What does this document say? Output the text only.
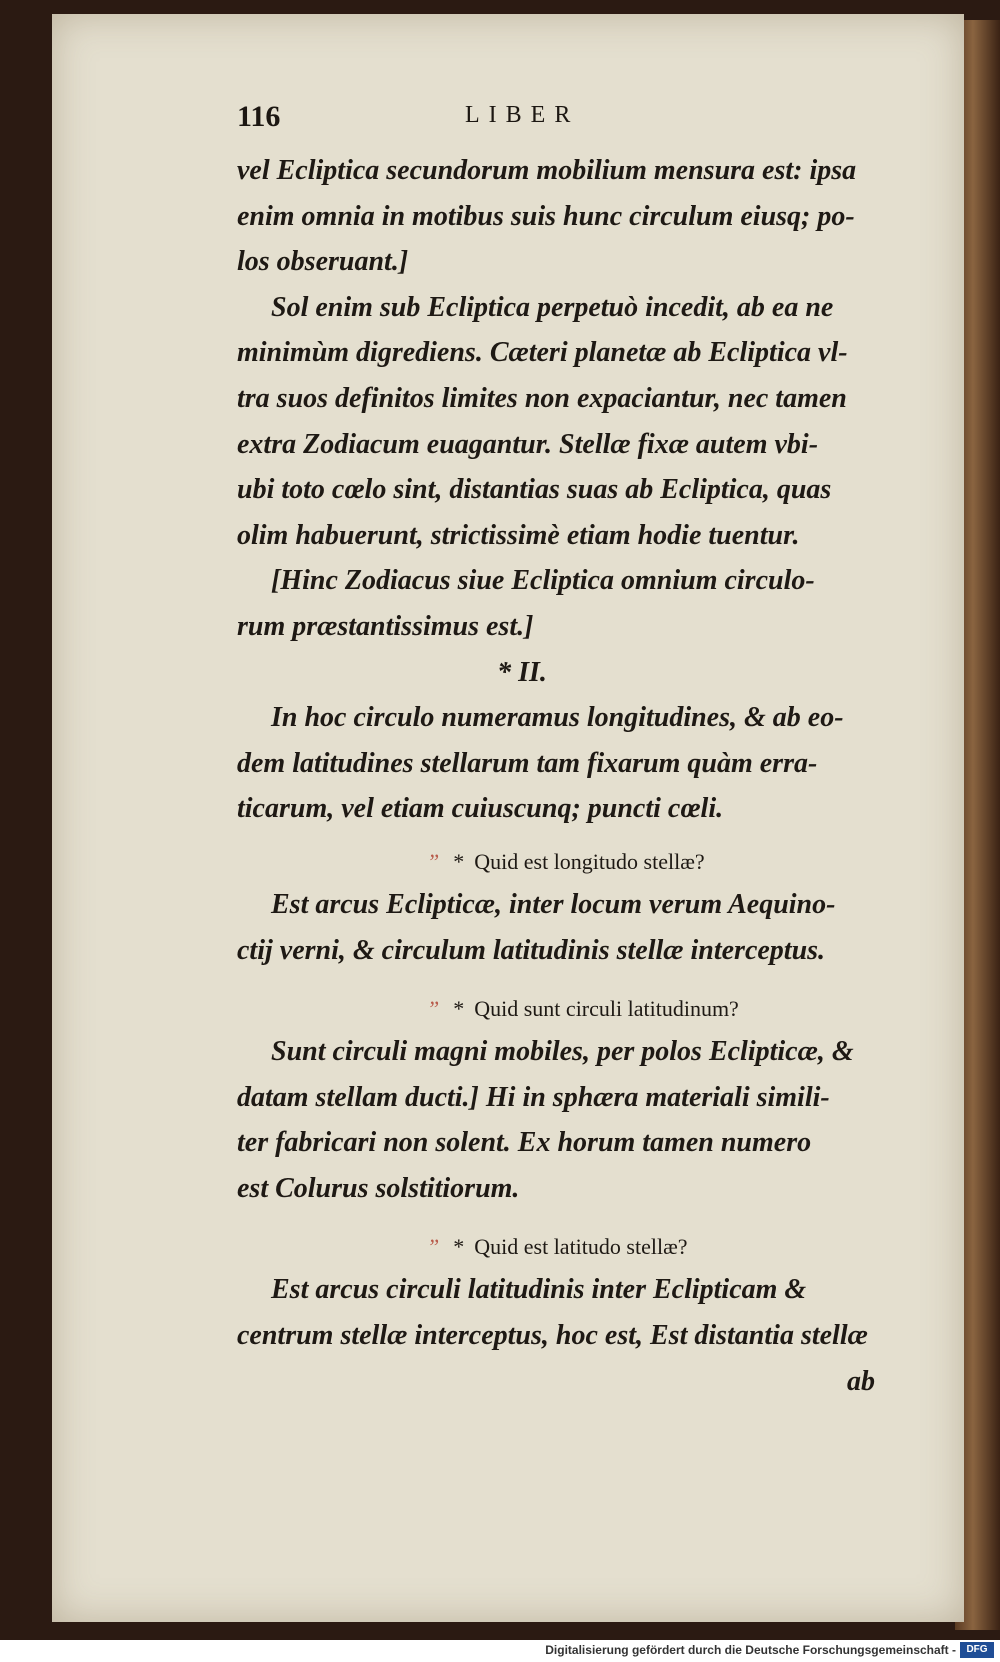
116	LIBER
vel Ecliptica secundorum mobilium mensura est: ipsa
enim omnia in motibus suis hunc circulum eiusq; po-
los obseruant.]
Sol enim sub Ecliptica perpetuò incedit, ab ea ne
minimùm digrediens. Cæteri planetæ ab Ecliptica vl-
tra suos definitos limites non expaciantur, nec tamen
extra Zodiacum euagantur. Stellæ fixæ autem vbi-
ubi toto cœlo sint, distantias suas ab Ecliptica, quas
olim habuerunt, strictissimè etiam hodie tuentur.
[Hinc Zodiacus siue Ecliptica omnium circulo-
rum præstantissimus est.]
* II.
In hoc circulo numeramus longitudines, & ab eo-
dem latitudines stellarum tam fixarum quàm erra-
ticarum, vel etiam cuiuscunq; puncti cœli.
” * Quid est longitudo stellæ?
Est arcus Eclipticæ, inter locum verum Aequino-
ctij verni, & circulum latitudinis stellæ interceptus.
” * Quid sunt circuli latitudinum?
Sunt circuli magni mobiles, per polos Eclipticæ, &
datam stellam ducti.] Hi in sphæra materiali simili-
ter fabricari non solent. Ex horum tamen numero
est Colurus solstitiorum.
” * Quid est latitudo stellæ?
Est arcus circuli latitudinis inter Eclipticam &
centrum stellæ interceptus, hoc est, Est distantia stellæ
ab
Digitalisierung gefördert durch die Deutsche Forschungsgemeinschaft -	DFG
